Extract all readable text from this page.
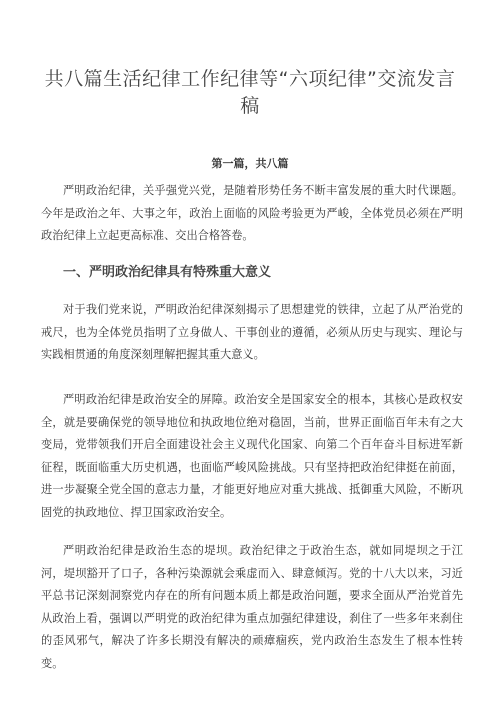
共八篇生活纪律工作纪律等“六项纪律”交流发言稿
第一篇，共八篇

严明政治纪律，关乎强党兴党，是随着形势任务不断丰富发展的重大时代课题。今年是政治之年、大事之年，政治上面临的风险考验更为严峻，全体党员必须在严明政治纪律上立起更高标准、交出合格答卷。

一、严明政治纪律具有特殊重大意义

对于我们党来说，严明政治纪律深刻揭示了思想建党的铁律，立起了从严治党的戒尺，也为全体党员指明了立身做人、干事创业的遵循，必须从历史与现实、理论与实践相贯通的角度深刻理解把握其重大意义。

严明政治纪律是政治安全的屏障。政治安全是国家安全的根本，其核心是政权安全，就是要确保党的领导地位和执政地位绝对稳固，当前，世界正面临百年未有之大变局，党带领我们开启全面建设社会主义现代化国家、向第二个百年奋斗目标进军新征程，既面临重大历史机遇，也面临严峻风险挑战。只有坚持把政治纪律挺在前面，进一步凝聚全党全国的意志力量，才能更好地应对重大挑战、抵御重大风险，不断巩固党的执政地位、捍卫国家政治安全。

严明政治纪律是政治生态的堤坝。政治纪律之于政治生态，就如同堤坝之于江河，堤坝豁开了口子，各种污染源就会乘虚而入、肆意倾泻。党的十八大以来，习近平总书记深刻洞察党内存在的所有问题本质上都是政治问题，要求全面从严治党首先从政治上看，强调以严明党的政治纪律为重点加强纪律建设，刹住了一些多年来刹住的歪风邪气，解决了许多长期没有解决的顽瘴痼疾，党内政治生态发生了根本性转变。
